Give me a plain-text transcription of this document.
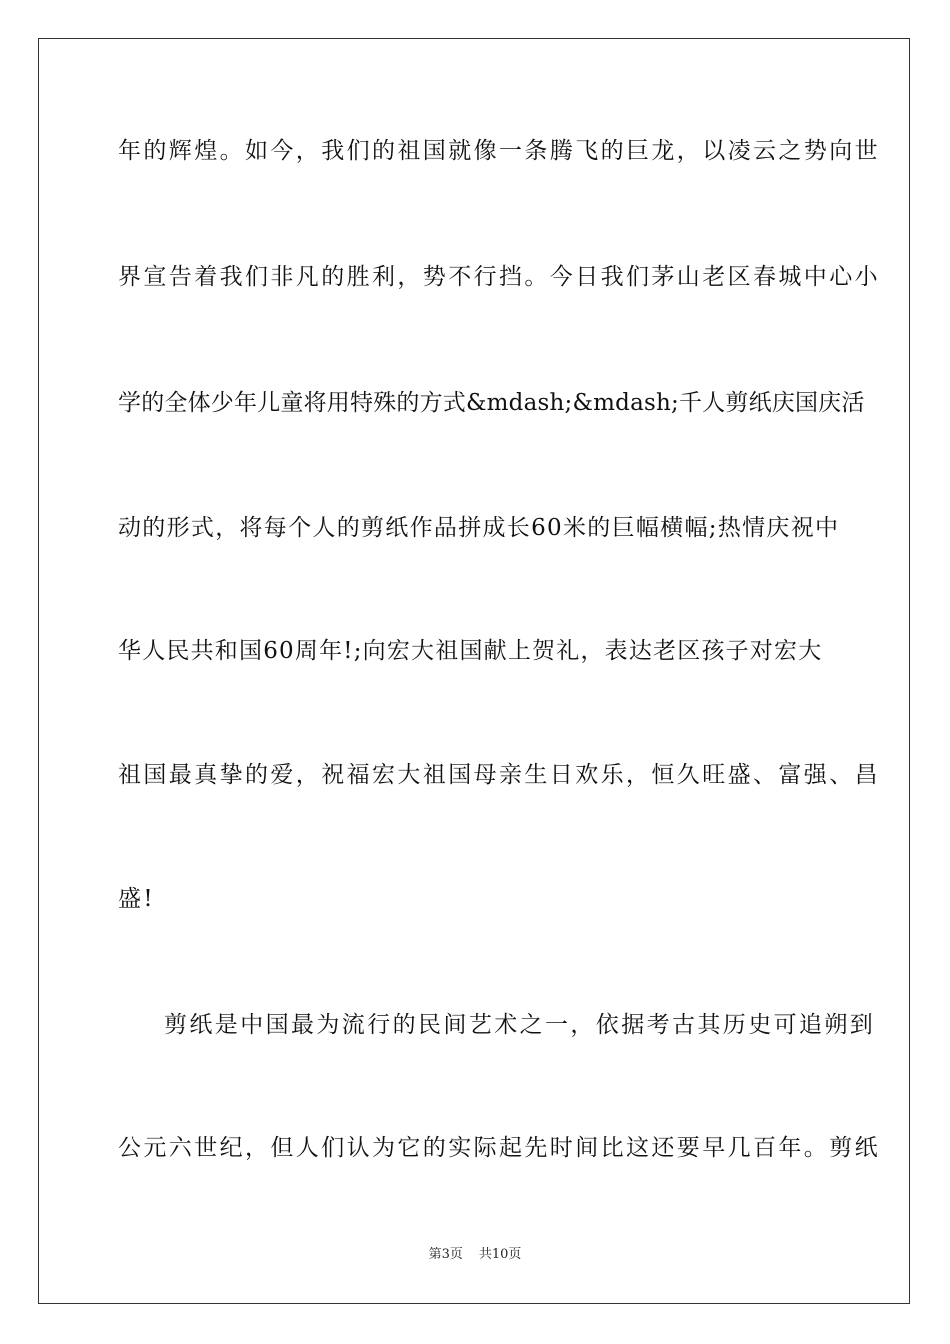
年的辉煌。如今，我们的祖国就像一条腾飞的巨龙，以凌云之势向世
界宣告着我们非凡的胜利，势不行挡。今日我们茅山老区春城中心小
学的全体少年儿童将用特殊的方式&mdash;&mdash;千人剪纸庆国庆活
动的形式，将每个人的剪纸作品拼成长60米的巨幅横幅;热情庆祝中
华人民共和国60周年!;向宏大祖国献上贺礼，表达老区孩子对宏大
祖国最真挚的爱，祝福宏大祖国母亲生日欢乐，恒久旺盛、富强、昌
盛!
剪纸是中国最为流行的民间艺术之一，依据考古其历史可追朔到
公元六世纪，但人们认为它的实际起先时间比这还要早几百年。剪纸
第3页 共10页
